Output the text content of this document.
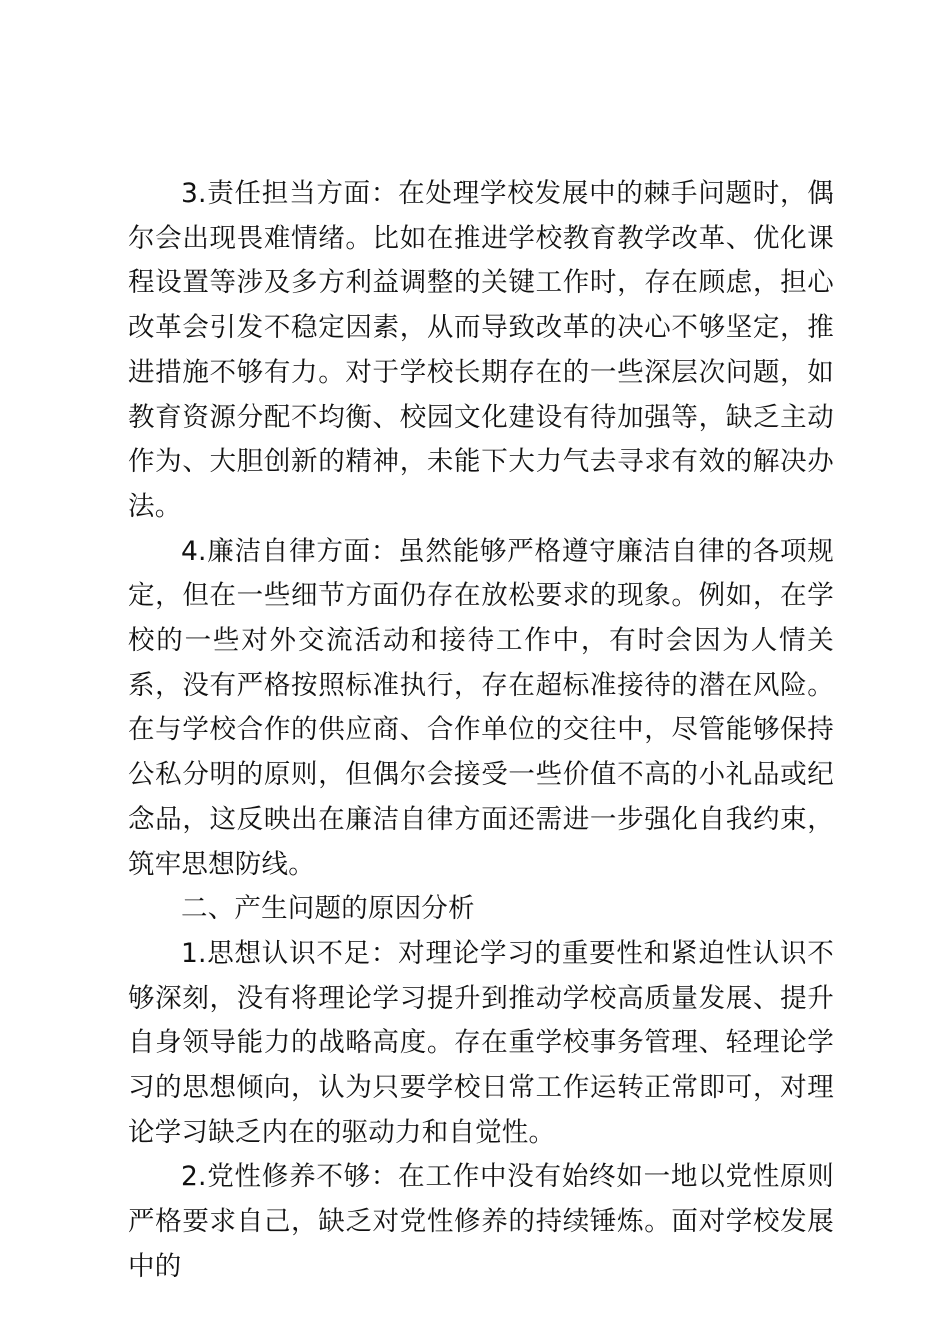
3.责任担当方面：在处理学校发展中的棘手问题时，偶尔会出现畏难情绪。比如在推进学校教育教学改革、优化课程设置等涉及多方利益调整的关键工作时，存在顾虑，担心改革会引发不稳定因素，从而导致改革的决心不够坚定，推进措施不够有力。对于学校长期存在的一些深层次问题，如教育资源分配不均衡、校园文化建设有待加强等，缺乏主动作为、大胆创新的精神，未能下大力气去寻求有效的解决办法。

4.廉洁自律方面：虽然能够严格遵守廉洁自律的各项规定，但在一些细节方面仍存在放松要求的现象。例如，在学校的一些对外交流活动和接待工作中，有时会因为人情关系，没有严格按照标准执行，存在超标准接待的潜在风险。在与学校合作的供应商、合作单位的交往中，尽管能够保持公私分明的原则，但偶尔会接受一些价值不高的小礼品或纪念品，这反映出在廉洁自律方面还需进一步强化自我约束，筑牢思想防线。

二、产生问题的原因分析

1.思想认识不足：对理论学习的重要性和紧迫性认识不够深刻，没有将理论学习提升到推动学校高质量发展、提升自身领导能力的战略高度。存在重学校事务管理、轻理论学习的思想倾向，认为只要学校日常工作运转正常即可，对理论学习缺乏内在的驱动力和自觉性。

2.党性修养不够：在工作中没有始终如一地以党性原则严格要求自己，缺乏对党性修养的持续锤炼。面对学校发展中的
